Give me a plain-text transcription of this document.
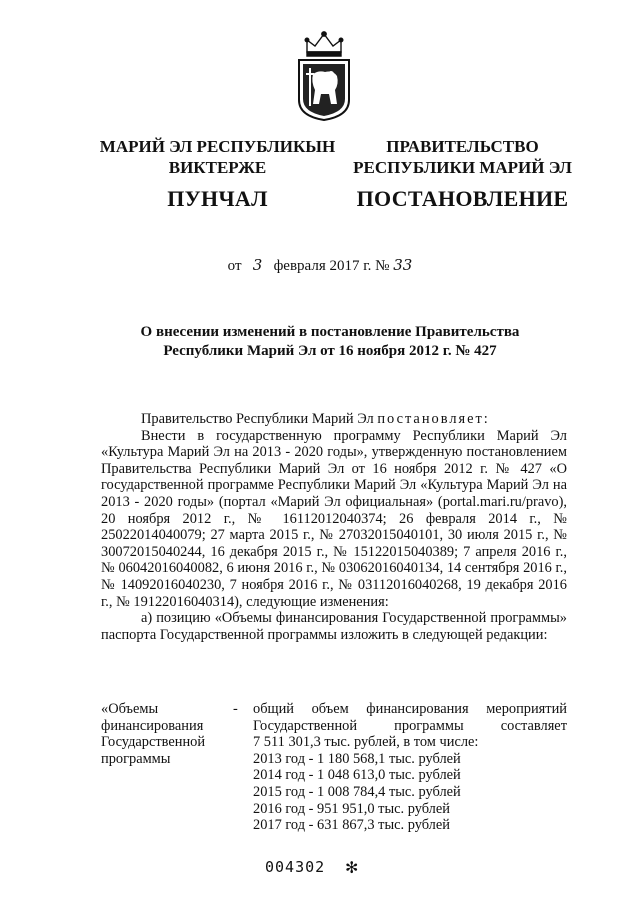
МАРИЙ ЭЛ РЕСПУБЛИКЫН
ВИКТЕРЖЕ
ПУНЧАЛ
ПРАВИТЕЛЬСТВО
РЕСПУБЛИКИ МАРИЙ ЭЛ
ПОСТАНОВЛЕНИЕ
от 3 февраля 2017 г. № 33
О внесении изменений в постановление Правительства
Республики Марий Эл от 16 ноября 2012 г. № 427

Правительство Республики Марий Эл постановляет:

Внести в государственную программу Республики Марий Эл «Культура Марий Эл на 2013 - 2020 годы», утвержденную постановлением Правительства Республики Марий Эл от 16 ноября 2012 г. № 427 «О государственной программе Республики Марий Эл «Культура Марий Эл на 2013 - 2020 годы» (портал «Марий Эл официальная» (portal.mari.ru/pravo), 20 ноября 2012 г., № 16112012040374; 26 февраля 2014 г., № 25022014040079; 27 марта 2015 г., № 27032015040101, 30 июля 2015 г., № 30072015040244, 16 декабря 2015 г., № 15122015040389; 7 апреля 2016 г., № 06042016040082, 6 июня 2016 г., № 03062016040134, 14 сентября 2016 г., № 14092016040230, 7 ноября 2016 г., № 03112016040268, 19 декабря 2016 г., № 19122016040314), следующие изменения:

а) позицию «Объемы финансирования Государственной программы» паспорта Государственной программы изложить в следующей редакции:

«Объемы
финансирования
Государственной
программы
- общий объем финансирования мероприятий
Государственной программы составляет
7 511 301,3 тыс. рублей, в том числе:
2013 год - 1 180 568,1 тыс. рублей
2014 год - 1 048 613,0 тыс. рублей
2015 год - 1 008 784,4 тыс. рублей
2016 год - 951 951,0 тыс. рублей
2017 год - 631 867,3 тыс. рублей
004302 ✻
